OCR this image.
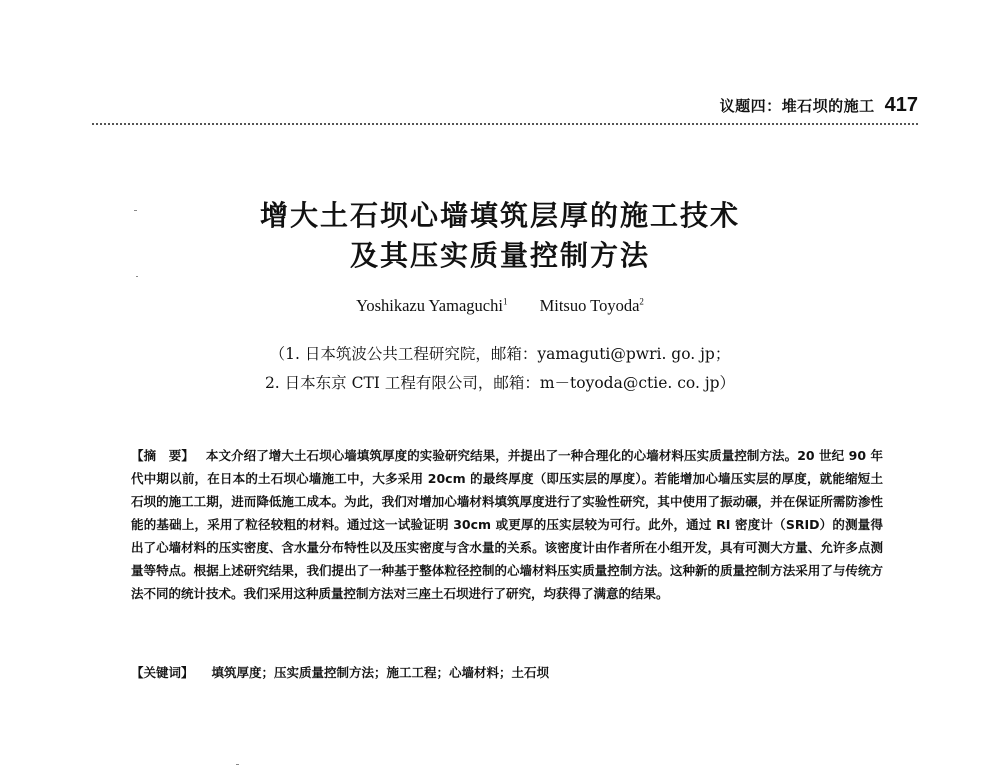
议题四：堆石坝的施工 417
增大土石坝心墙填筑层厚的施工技术
及其压实质量控制方法
Yoshikazu Yamaguchi$^1$ Mitsuo Toyoda$^2$
（1. 日本筑波公共工程研究院，邮箱：yamaguti@pwri. go. jp；
2. 日本东京 CTI 工程有限公司，邮箱：m－toyoda@ctie. co. jp）
【摘　要】 本文介绍了增大土石坝心墙填筑厚度的实验研究结果，并提出了一种合理化的心墙材料压实质量控制方法。20 世纪 90 年代中期以前，在日本的土石坝心墙施工中，大多采用 20cm 的最终厚度（即压实层的厚度）。若能增加心墙压实层的厚度，就能缩短土石坝的施工工期，进而降低施工成本。为此，我们对增加心墙材料填筑厚度进行了实验性研究，其中使用了振动碾，并在保证所需防渗性能的基础上，采用了粒径较粗的材料。通过这一试验证明 30cm 或更厚的压实层较为可行。此外，通过 RI 密度计（SRID）的测量得出了心墙材料的压实密度、含水量分布特性以及压实密度与含水量的关系。该密度计由作者所在小组开发，具有可测大方量、允许多点测量等特点。根据上述研究结果，我们提出了一种基于整体粒径控制的心墙材料压实质量控制方法。这种新的质量控制方法采用了与传统方法不同的统计技术。我们采用这种质量控制方法对三座土石坝进行了研究，均获得了满意的结果。
【关键词】 填筑厚度；压实质量控制方法；施工工程；心墙材料；土石坝
